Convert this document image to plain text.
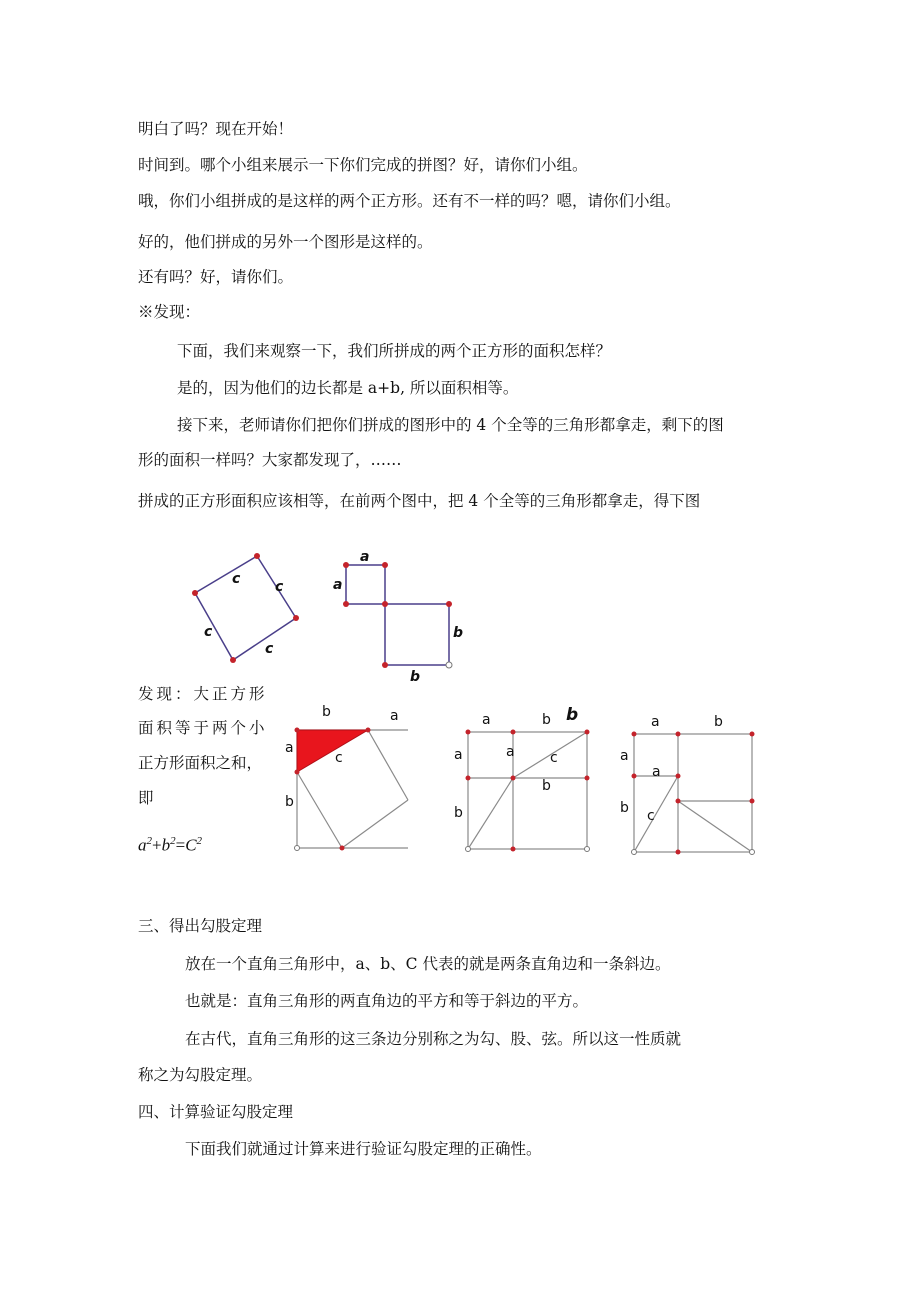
明白了吗？现在开始！
时间到。哪个小组来展示一下你们完成的拼图？好，请你们小组。
哦，你们小组拼成的是这样的两个正方形。还有不一样的吗？嗯，请你们小组。
好的，他们拼成的另外一个图形是这样的。
还有吗？好，请你们。
※发现：
下面，我们来观察一下，我们所拼成的两个正方形的面积怎样？
是的，因为他们的边长都是 a+b, 所以面积相等。
接下来，老师请你们把你们拼成的图形中的 4 个全等的三角形都拿走，剩下的图
形的面积一样吗？大家都发现了，……
拼成的正方形面积应该相等，在前两个图中，把 4 个全等的三角形都拿走，得下图
c c
c
c
a
a
b
b
发现：大正方形
面积等于两个小
正方形面积之和，
即
$a^2+b^2=C^2$
b	a
a
c
b
a	b b
a	a	c
b
b
a	b
a
a
b c
三、得出勾股定理
放在一个直角三角形中，a、b、C 代表的就是两条直角边和一条斜边。
也就是：直角三角形的两直角边的平方和等于斜边的平方。
在古代，直角三角形的这三条边分别称之为勾、股、弦。所以这一性质就
称之为勾股定理。
四、计算验证勾股定理
下面我们就通过计算来进行验证勾股定理的正确性。
